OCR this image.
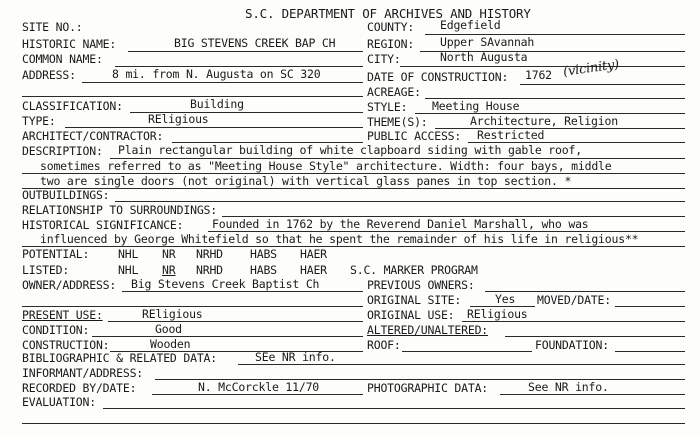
S.C. DEPARTMENT OF ARCHIVES AND HISTORY
SITE NO.:	COUNTY: Edgefield
HISTORIC NAME:	BIG STEVENS CREEK BAP CH	REGION: Upper SAvannah
COMMON NAME:	CITY:	North Augusta
ADDRESS:	8 mi. from N. Augusta on SC 320	DATE OF CONSTRUCTION: 1762 (vicinity)
ACREAGE:
CLASSIFICATION:	Building	STYLE: Meeting House
TYPE:	REligious	THEME(S):	Architecture, Religion
ARCHITECT/CONTRACTOR:	PUBLIC ACCESS: Restricted
DESCRIPTION: Plain rectangular building of white clapboard siding with gable roof,
sometimes referred to as "Meeting House Style" architecture. Width: four bays, middle
two are single doors (not original) with vertical glass panes in top section. *
OUTBUILDINGS:
RELATIONSHIP TO SURROUNDINGS:
HISTORICAL SIGNIFICANCE: Founded in 1762 by the Reverend Daniel Marshall, who was
influenced by George Whitefield so that he spent the remainder of his life in religious**
POTENTIAL:	NHL NR NRHD HABS HAER
LISTED:	NHL NR NRHD HABS HAER S.C. MARKER PROGRAM
OWNER/ADDRESS: Big Stevens Creek Baptist Ch	PREVIOUS OWNERS:
ORIGINAL SITE:	Yes MOVED/DATE:
PRESENT USE:	REligious	ORIGINAL USE: REligious
CONDITION:	Good	ALTERED/UNALTERED:
CONSTRUCTION:	Wooden	ROOF:	FOUNDATION:
BIBLIOGRAPHIC & RELATED DATA:	SEe NR info.
INFORMANT/ADDRESS:
RECORDED BY/DATE:	N. McCorckle 11/70	PHOTOGRAPHIC DATA:	See NR info.
EVALUATION:
